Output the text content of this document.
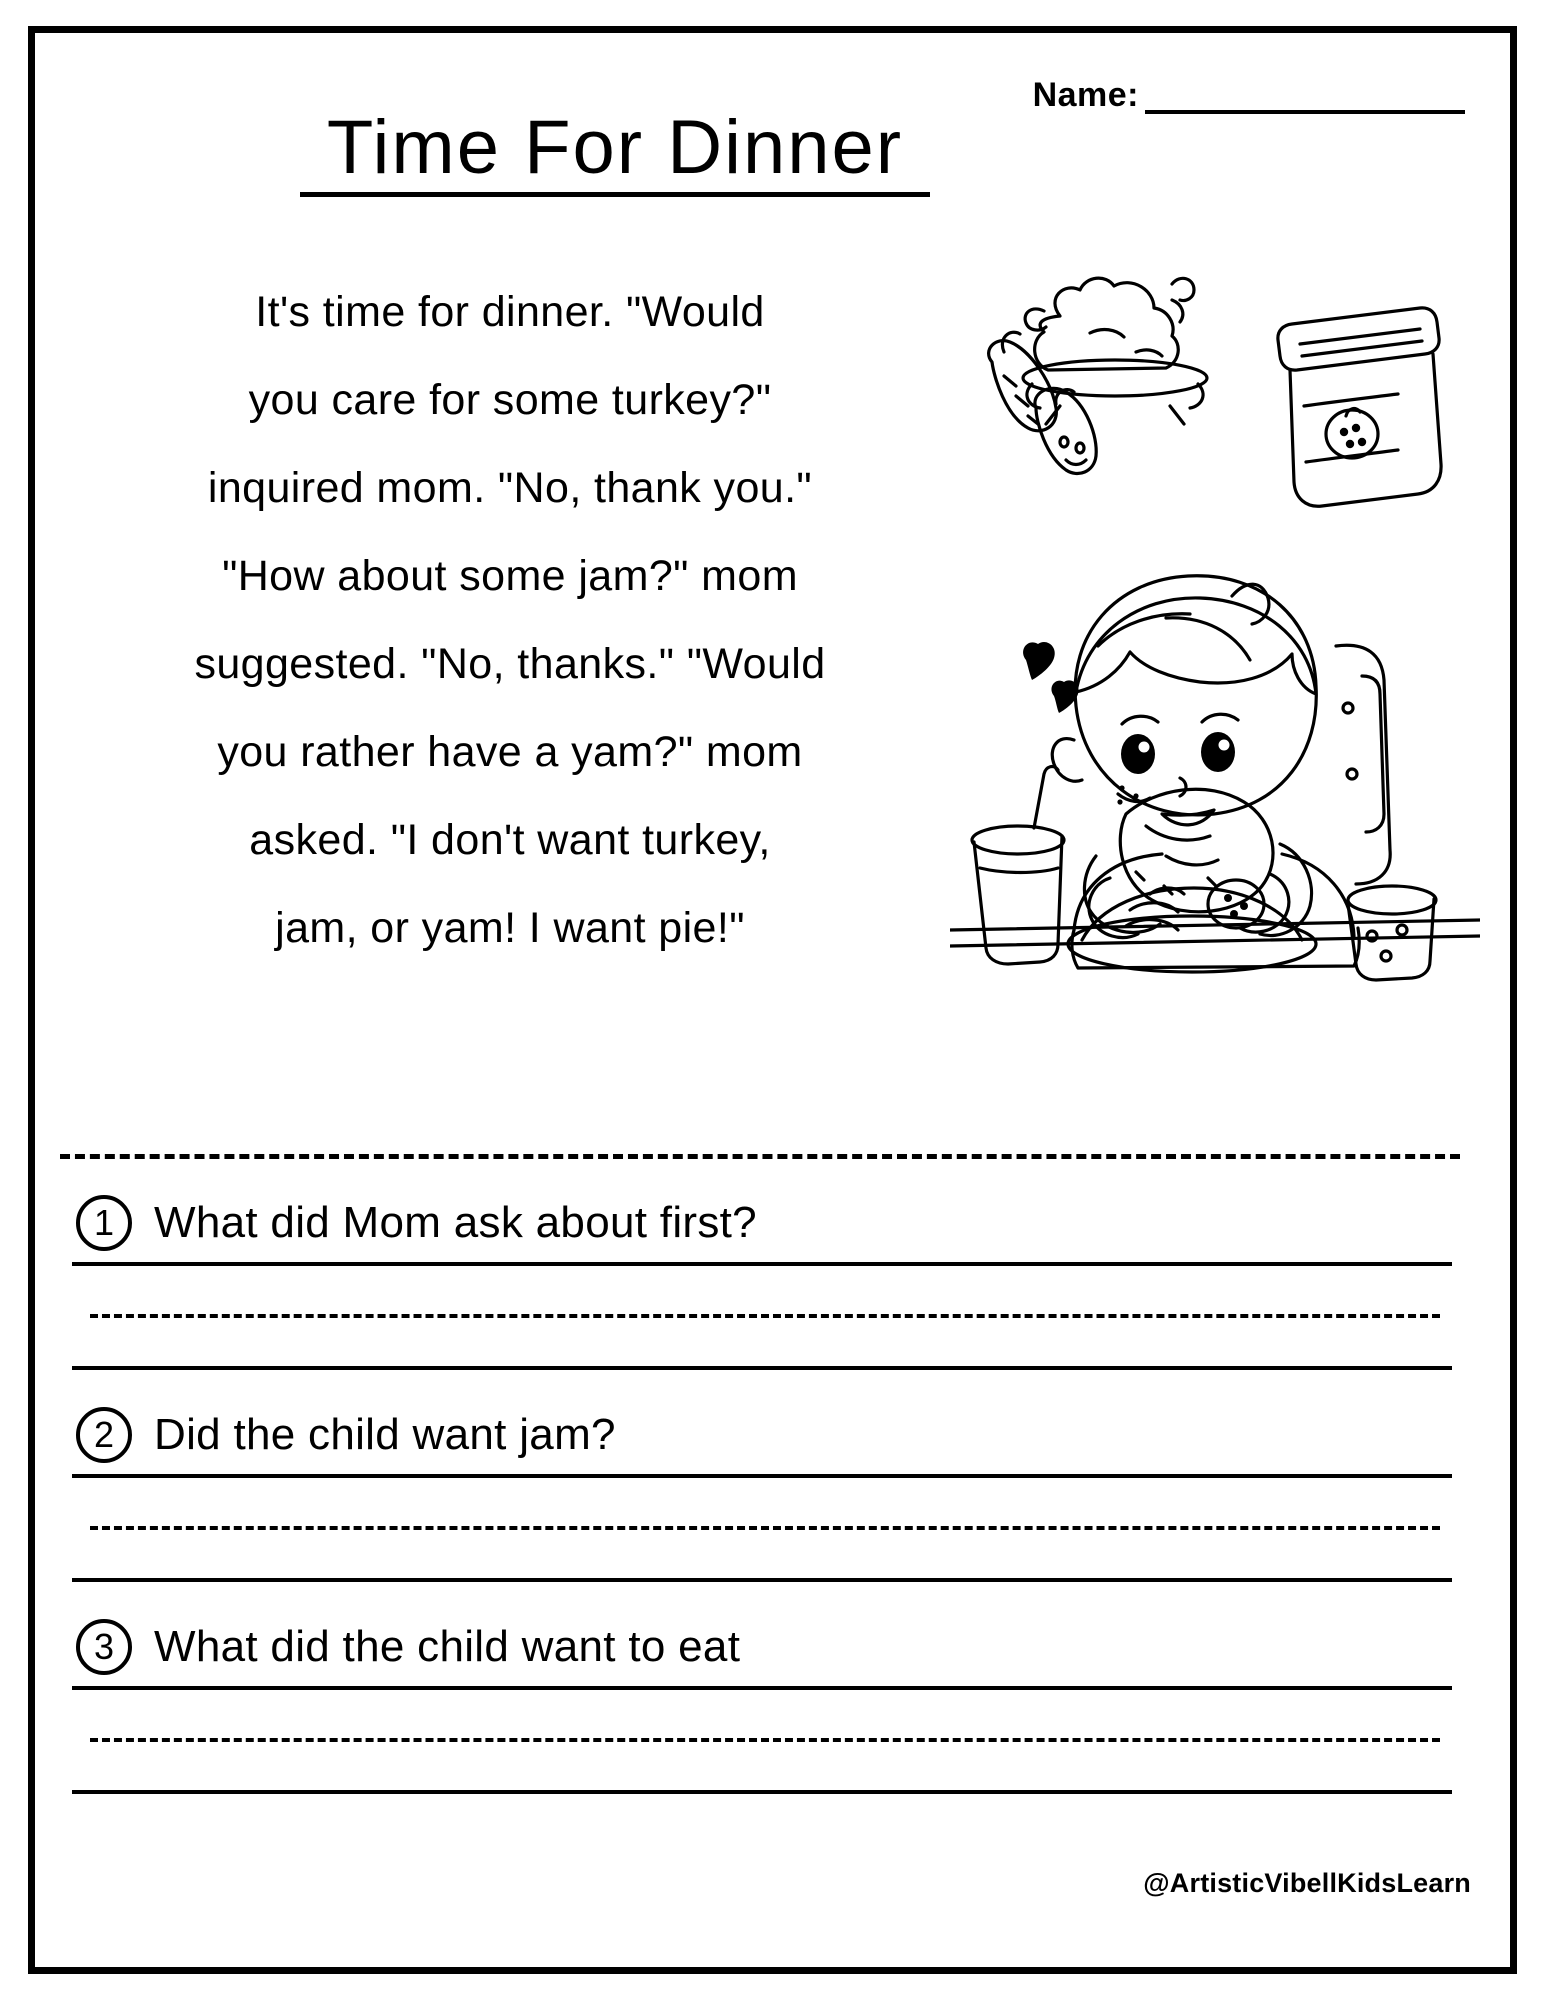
Name:
Time For Dinner

It's time for dinner. "Would

you care for some turkey?"

inquired mom. "No, thank you."

"How about some jam?" mom

suggested. "No, thanks." "Would

you rather have a yam?" mom

asked. "I don't want turkey,

jam, or yam! I want pie!"

1 What did Mom ask about first?
2 Did the child want jam?
3 What did the child want to eat
@ArtisticVibellKidsLearn
